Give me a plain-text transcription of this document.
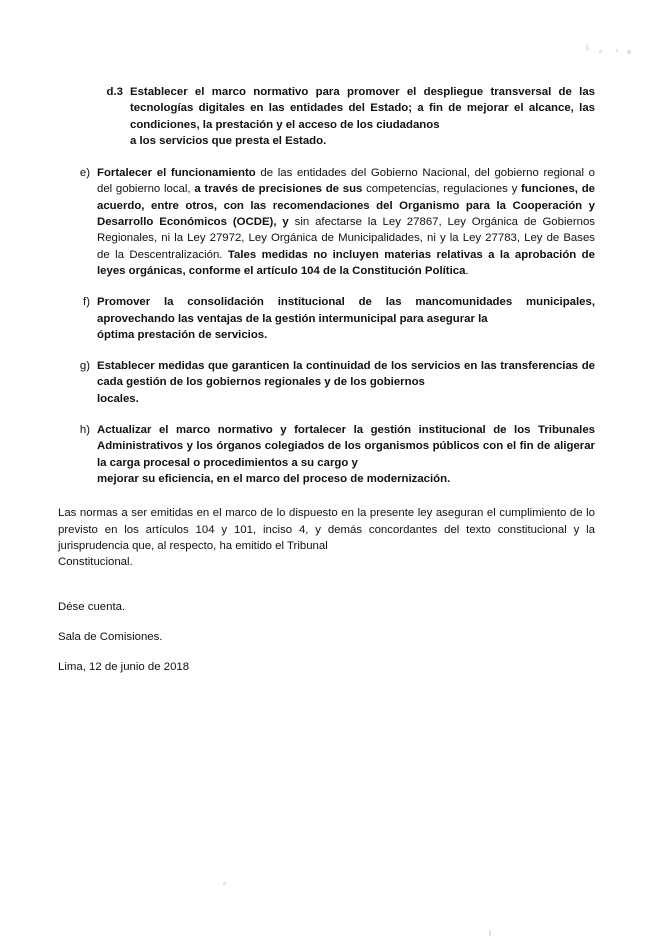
d.3 Establecer el marco normativo para promover el despliegue transversal de las tecnologías digitales en las entidades del Estado; a fin de mejorar el alcance, las condiciones, la prestación y el acceso de los ciudadanos
a los servicios que presta el Estado.
e) Fortalecer el funcionamiento de las entidades del Gobierno Nacional, del gobierno regional o del gobierno local, a través de precisiones de sus competencias, regulaciones y funciones, de acuerdo, entre otros, con las recomendaciones del Organismo para la Cooperación y Desarrollo Económicos (OCDE), y sin afectarse la Ley 27867, Ley Orgánica de Gobiernos Regionales, ni la Ley 27972, Ley Orgánica de Municipalidades, ni y la Ley 27783, Ley de Bases de la Descentralización. Tales medidas no incluyen materias relativas a la aprobación de leyes orgánicas, conforme el artículo 104 de la Constitución Política.
f) Promover la consolidación institucional de las mancomunidades municipales, aprovechando las ventajas de la gestión intermunicipal para asegurar la
óptima prestación de servicios.
g) Establecer medidas que garanticen la continuidad de los servicios en las transferencias de cada gestión de los gobiernos regionales y de los gobiernos
locales.
h) Actualizar el marco normativo y fortalecer la gestión institucional de los Tribunales Administrativos y los órganos colegiados de los organismos públicos con el fin de aligerar la carga procesal o procedimientos a su cargo y
mejorar su eficiencia, en el marco del proceso de modernización.

Las normas a ser emitidas en el marco de lo dispuesto en la presente ley aseguran el cumplimiento de lo previsto en los artículos 104 y 101, inciso 4, y demás concordantes del texto constitucional y la jurisprudencia que, al respecto, ha emitido el Tribunal
Constitucional.

Dése cuenta.

Sala de Comisiones.

Lima, 12 de junio de 2018
